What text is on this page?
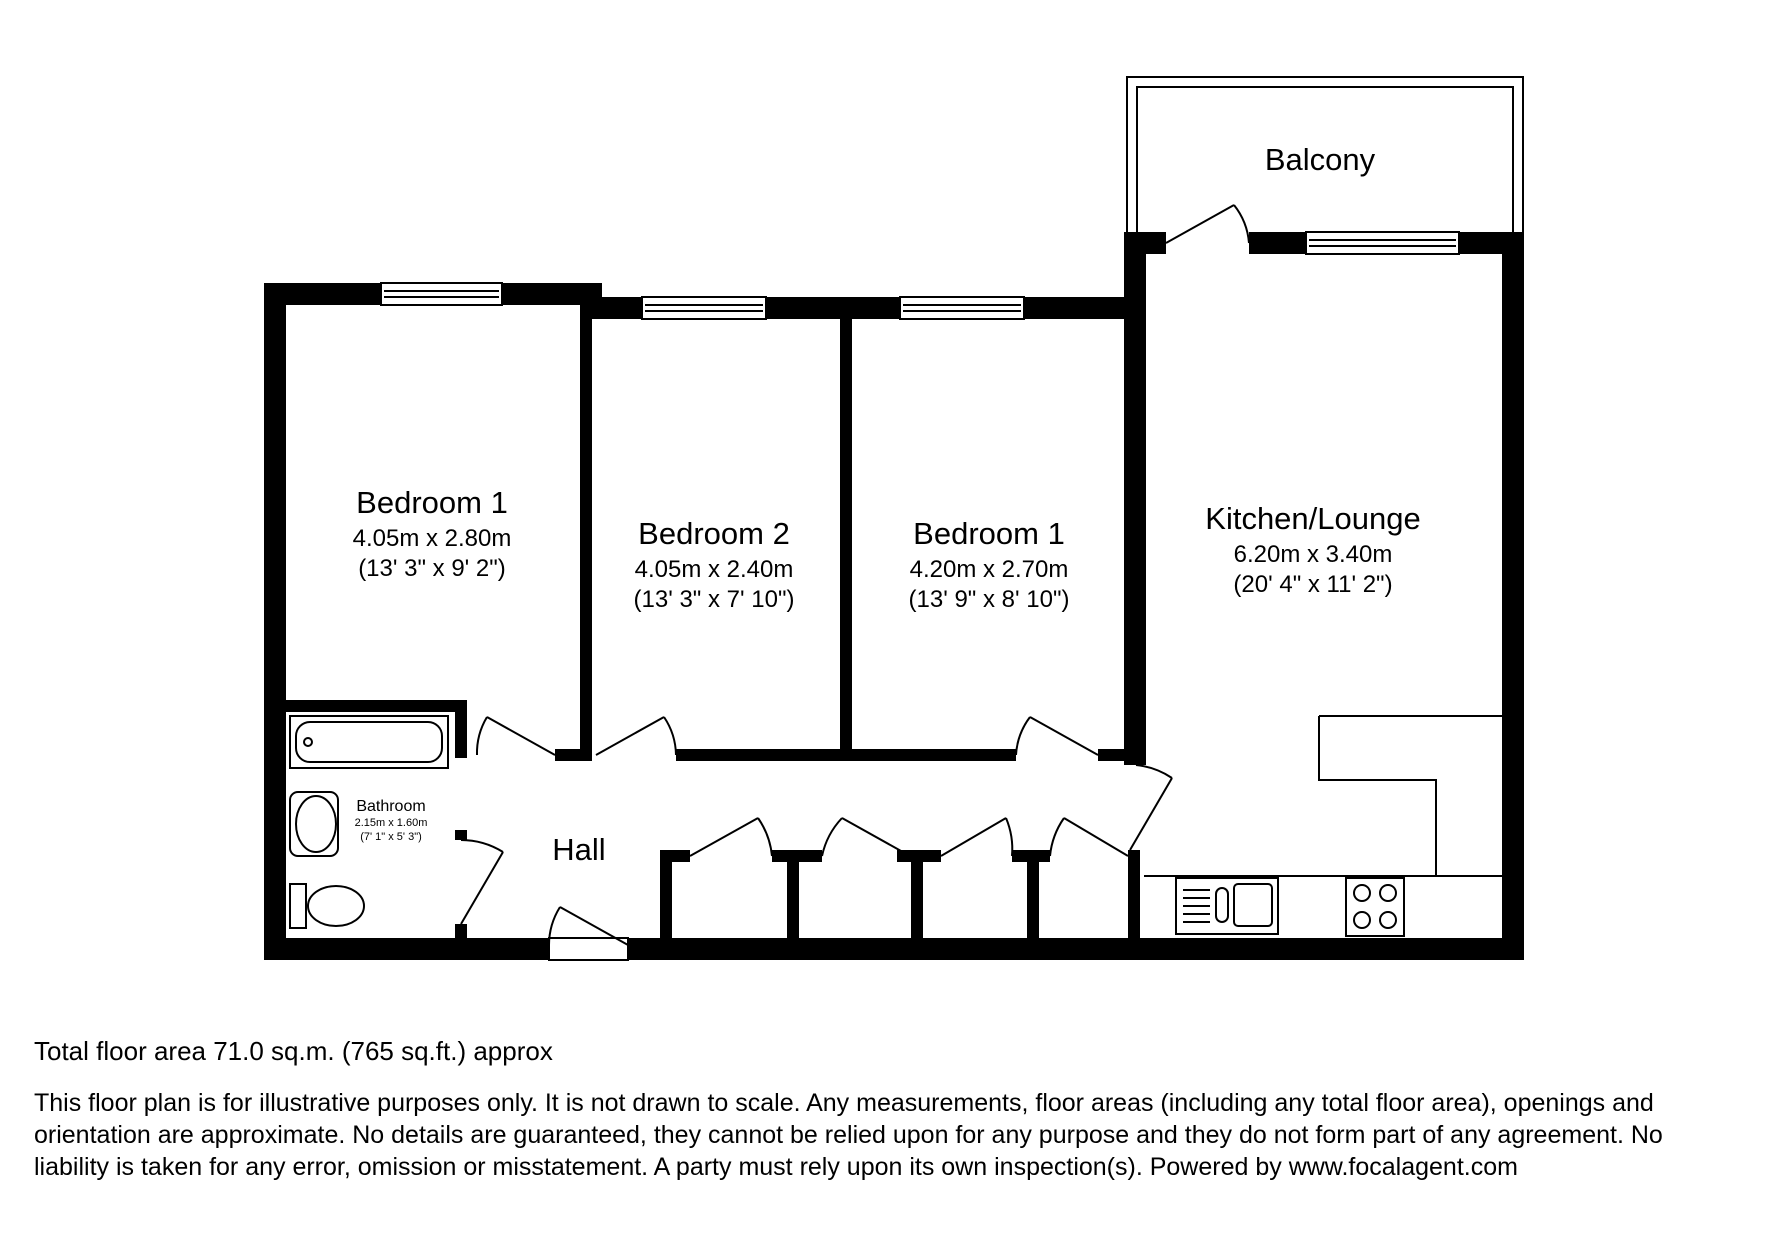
Balcony
Bedroom 1
4.05m x 2.80m
(13' 3" x 9' 2")
Bedroom 2
4.05m x 2.40m
(13' 3" x 7' 10")
Bedroom 1
4.20m x 2.70m
(13' 9" x 8' 10")
Kitchen/Lounge
6.20m x 3.40m
(20' 4" x 11' 2")
Bathroom
2.15m x 1.60m
(7' 1" x 5' 3")	Hall
Total floor area 71.0 sq.m. (765 sq.ft.) approx
This floor plan is for illustrative purposes only. It is not drawn to scale. Any measurements, floor areas (including any total floor area), openings and orientation are approximate. No details are guaranteed, they cannot be relied upon for any purpose and they do not form part of any agreement. No liability is taken for any error, omission or misstatement. A party must rely upon its own inspection(s). Powered by www.focalagent.com
